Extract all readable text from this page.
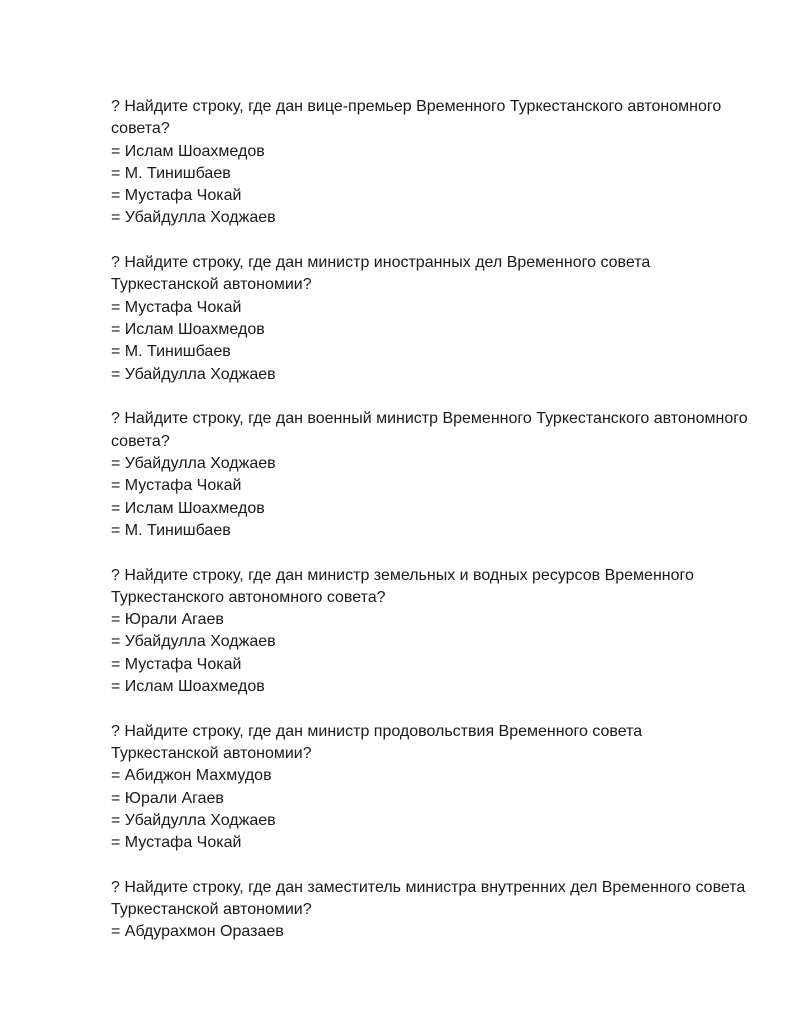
? Найдите строку, где дан вице-премьер Временного Туркестанского автономного совета?

= Ислам Шоахмедов

= М. Тинишбаев

= Мустафа Чокай

= Убайдулла Ходжаев

? Найдите строку, где дан министр иностранных дел Временного совета Туркестанской автономии?

= Мустафа Чокай

= Ислам Шоахмедов

= М. Тинишбаев

= Убайдулла Ходжаев

? Найдите строку, где дан военный министр Временного Туркестанского автономного совета?

= Убайдулла Ходжаев

= Мустафа Чокай

= Ислам Шоахмедов

= М. Тинишбаев

? Найдите строку, где дан министр земельных и водных ресурсов Временного Туркестанского автономного совета?

= Юрали Агаев

= Убайдулла Ходжаев

= Мустафа Чокай

= Ислам Шоахмедов

? Найдите строку, где дан министр продовольствия Временного совета Туркестанской автономии?

= Абиджон Махмудов

= Юрали Агаев

= Убайдулла Ходжаев

= Мустафа Чокай

? Найдите строку, где дан заместитель министра внутренних дел Временного совета Туркестанской автономии?

= Абдурахмон Оразаев
